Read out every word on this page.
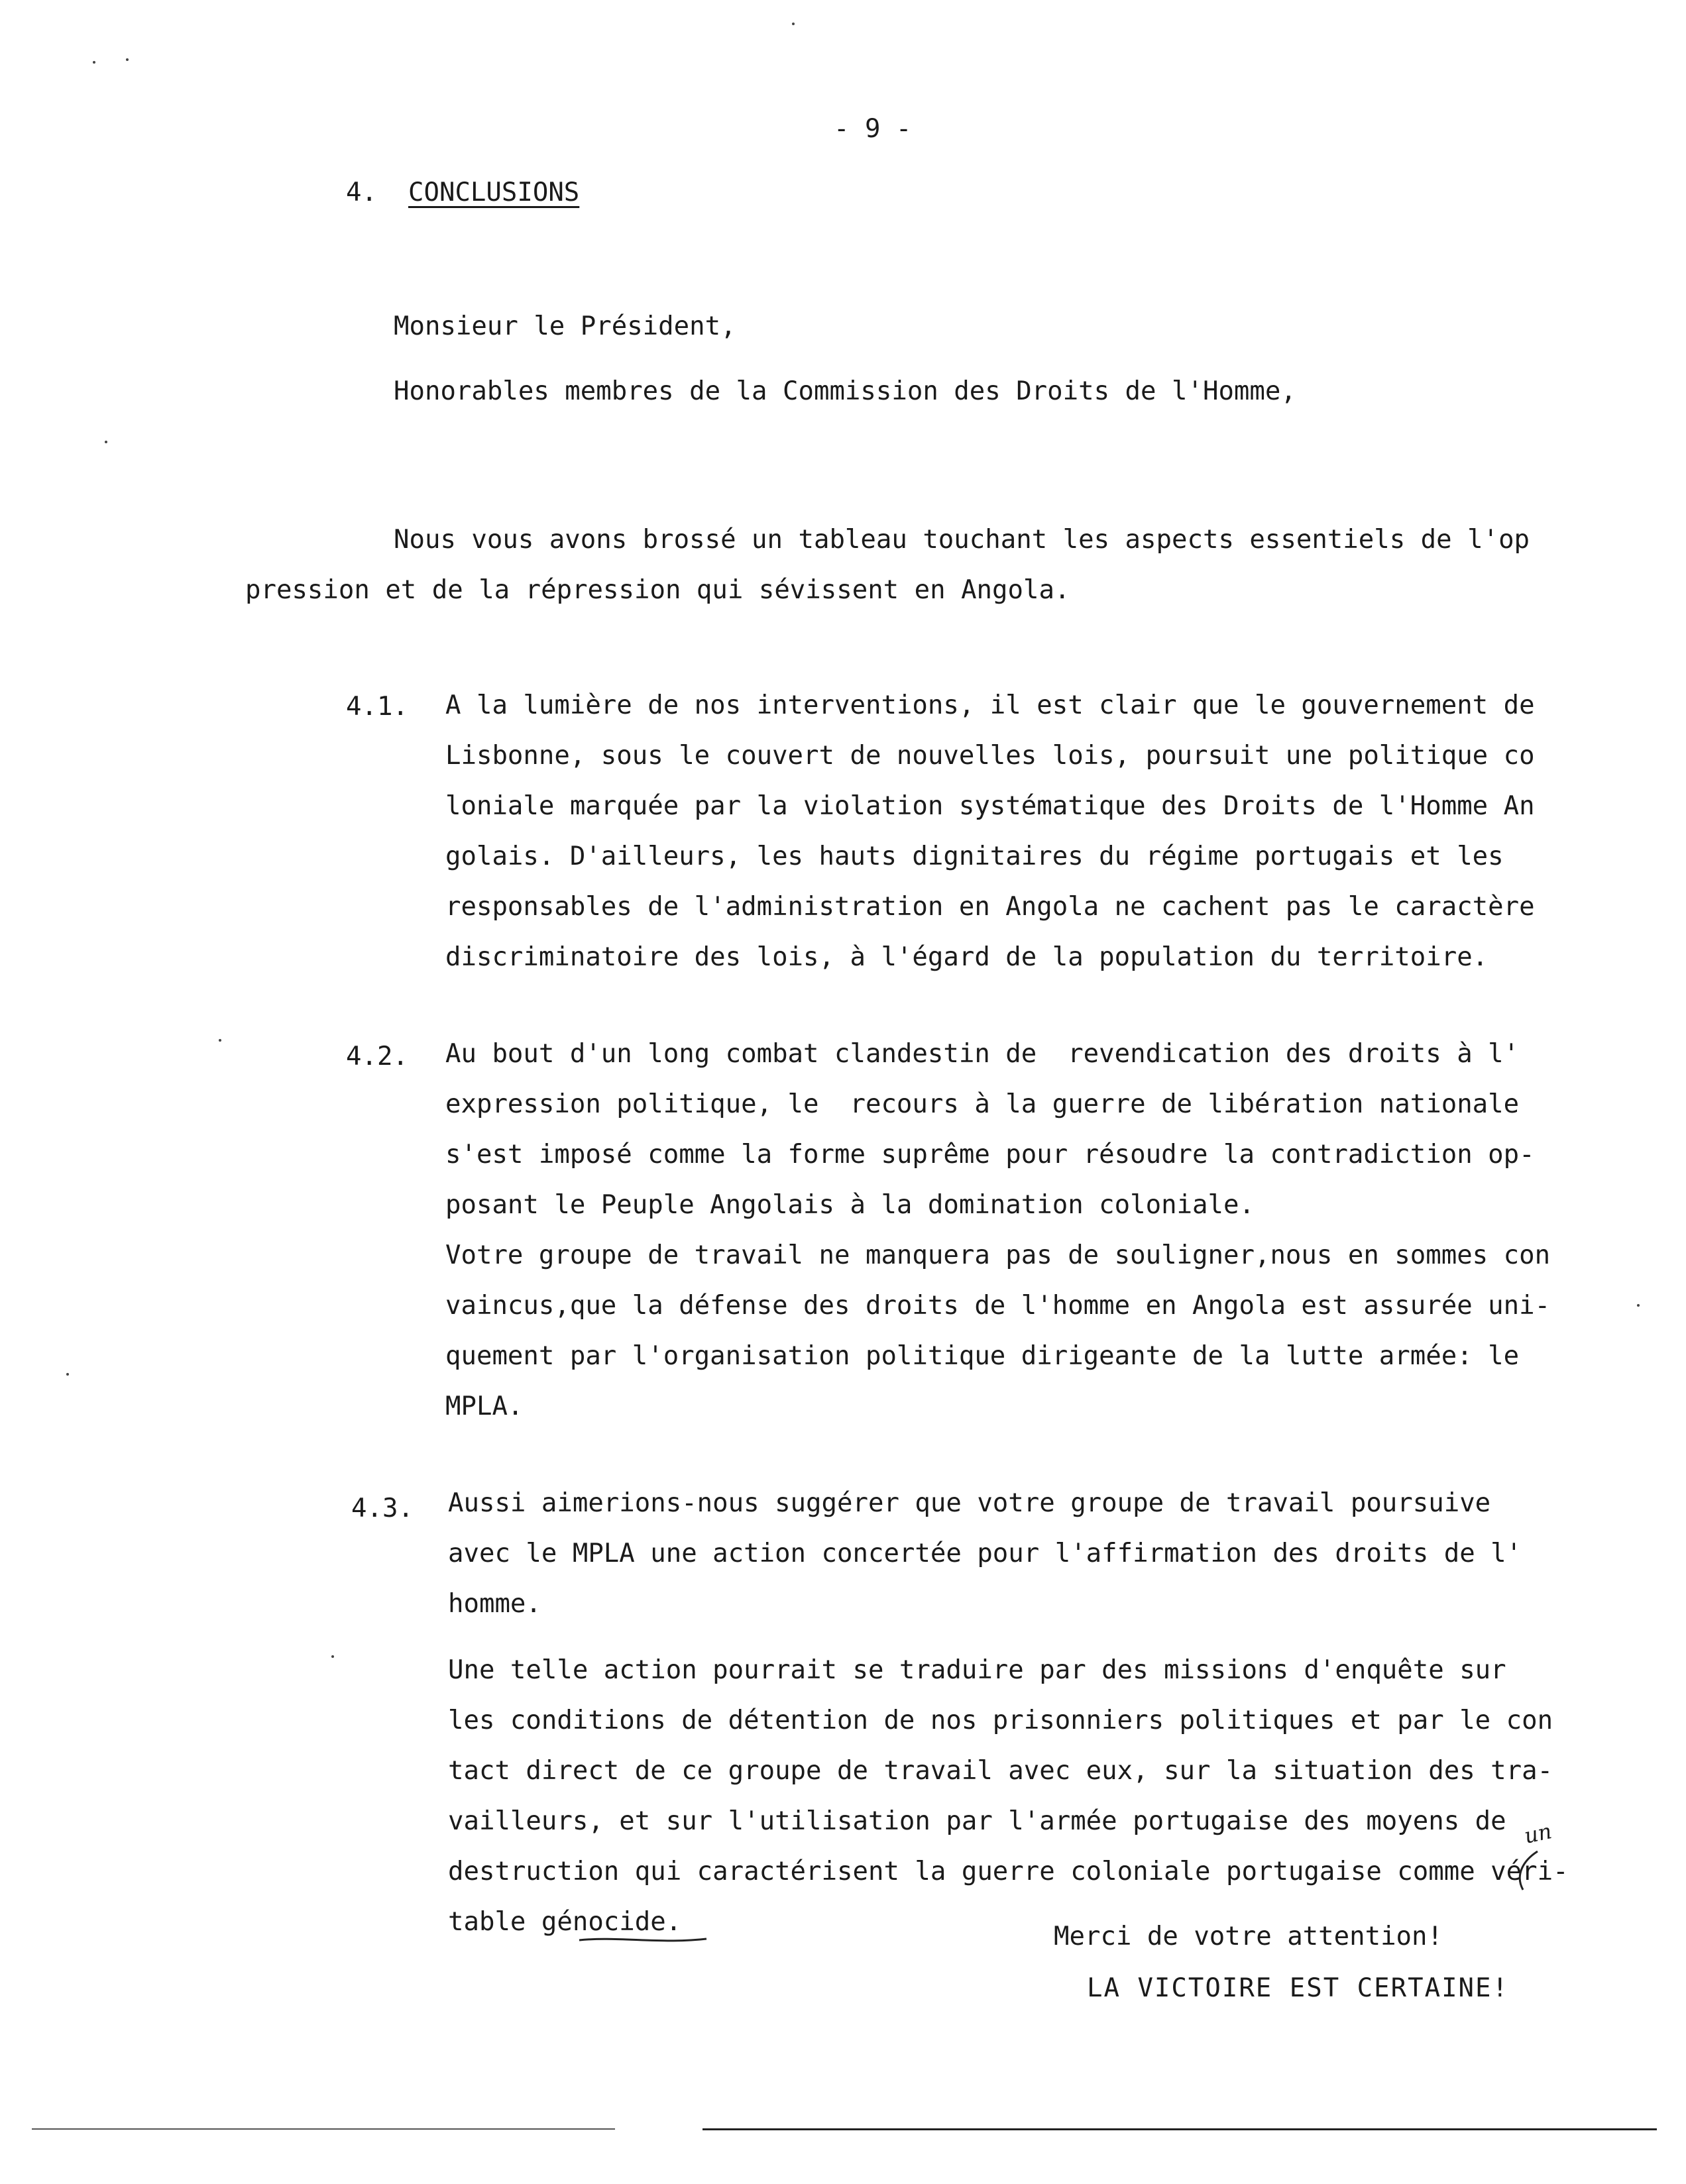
- 9 -
4. CONCLUSIONS
Monsieur le Président,
Honorables membres de la Commission des Droits de l'Homme,
Nous vous avons brossé un tableau touchant les aspects essentiels de l'op
pression et de la répression qui sévissent en Angola.
4.1. A la lumière de nos interventions, il est clair que le gouvernement de
Lisbonne, sous le couvert de nouvelles lois, poursuit une politique co
loniale marquée par la violation systématique des Droits de l'Homme An
golais. D'ailleurs, les hauts dignitaires du régime portugais et les
responsables de l'administration en Angola ne cachent pas le caractère
discriminatoire des lois, à l'égard de la population du territoire.
4.2. Au bout d'un long combat clandestin de  revendication des droits à l'
expression politique, le  recours à la guerre de libération nationale
s'est imposé comme la forme suprême pour résoudre la contradiction op-
posant le Peuple Angolais à la domination coloniale.
Votre groupe de travail ne manquera pas de souligner,nous en sommes con
vaincus,que la défense des droits de l'homme en Angola est assurée uni-
quement par l'organisation politique dirigeante de la lutte armée: le
MPLA.
4.3. Aussi aimerions-nous suggérer que votre groupe de travail poursuive
avec le MPLA une action concertée pour l'affirmation des droits de l'
homme.
Une telle action pourrait se traduire par des missions d'enquête sur
les conditions de détention de nos prisonniers politiques et par le con
tact direct de ce groupe de travail avec eux, sur la situation des tra-
vailleurs, et sur l'utilisation par l'armée portugaise des moyens de
destruction qui caractérisent la guerre coloniale portugaise comme véri-
table génocide.
un
Merci de votre attention!
LA VICTOIRE EST CERTAINE!
